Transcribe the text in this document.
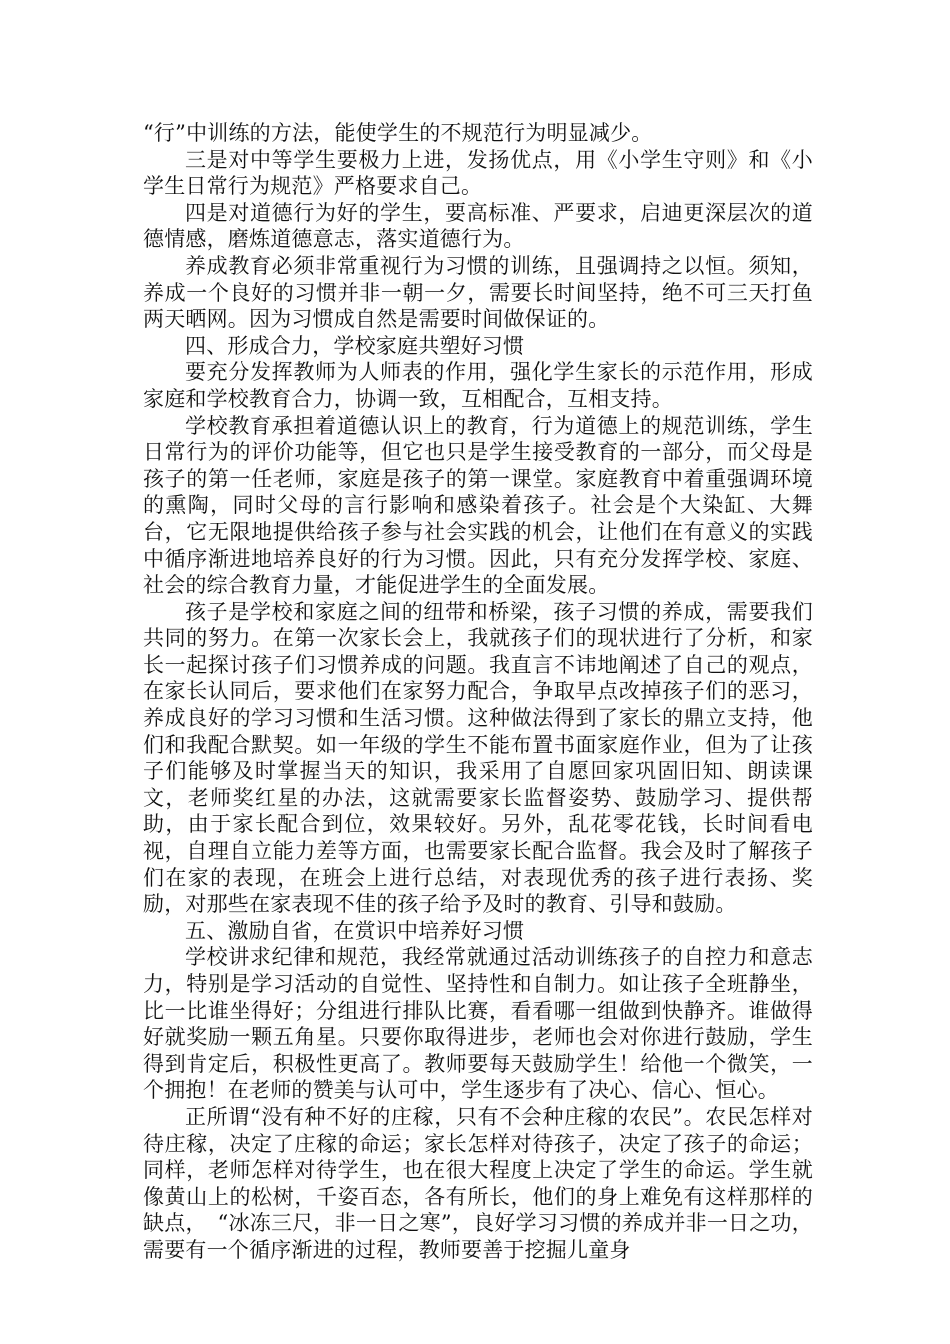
“行”中训练的方法，能使学生的不规范行为明显减少。

三是对中等学生要极力上进，发扬优点，用《小学生守则》和《小学生日常行为规范》严格要求自己。

四是对道德行为好的学生，要高标准、严要求，启迪更深层次的道德情感，磨炼道德意志，落实道德行为。

养成教育必须非常重视行为习惯的训练，且强调持之以恒。须知，养成一个良好的习惯并非一朝一夕，需要长时间坚持，绝不可三天打鱼两天晒网。因为习惯成自然是需要时间做保证的。

四、形成合力，学校家庭共塑好习惯

要充分发挥教师为人师表的作用，强化学生家长的示范作用，形成家庭和学校教育合力，协调一致，互相配合，互相支持。

学校教育承担着道德认识上的教育，行为道德上的规范训练，学生日常行为的评价功能等，但它也只是学生接受教育的一部分，而父母是孩子的第一任老师，家庭是孩子的第一课堂。家庭教育中着重强调环境的熏陶，同时父母的言行影响和感染着孩子。社会是个大染缸、大舞台，它无限地提供给孩子参与社会实践的机会，让他们在有意义的实践中循序渐进地培养良好的行为习惯。因此，只有充分发挥学校、家庭、社会的综合教育力量，才能促进学生的全面发展。

孩子是学校和家庭之间的纽带和桥梁，孩子习惯的养成，需要我们共同的努力。在第一次家长会上，我就孩子们的现状进行了分析，和家长一起探讨孩子们习惯养成的问题。我直言不讳地阐述了自己的观点，在家长认同后，要求他们在家努力配合，争取早点改掉孩子们的恶习，养成良好的学习习惯和生活习惯。这种做法得到了家长的鼎立支持，他们和我配合默契。如一年级的学生不能布置书面家庭作业，但为了让孩子们能够及时掌握当天的知识，我采用了自愿回家巩固旧知、朗读课文，老师奖红星的办法，这就需要家长监督姿势、鼓励学习、提供帮助，由于家长配合到位，效果较好。另外，乱花零花钱，长时间看电视，自理自立能力差等方面，也需要家长配合监督。我会及时了解孩子们在家的表现，在班会上进行总结，对表现优秀的孩子进行表扬、奖励，对那些在家表现不佳的孩子给予及时的教育、引导和鼓励。

五、激励自省，在赏识中培养好习惯

学校讲求纪律和规范，我经常就通过活动训练孩子的自控力和意志力，特别是学习活动的自觉性、坚持性和自制力。如让孩子全班静坐，比一比谁坐得好；分组进行排队比赛，看看哪一组做到快静齐。谁做得好就奖励一颗五角星。只要你取得进步，老师也会对你进行鼓励，学生得到肯定后，积极性更高了。教师要每天鼓励学生！给他一个微笑，一个拥抱！在老师的赞美与认可中，学生逐步有了决心、信心、恒心。

正所谓“没有种不好的庄稼，只有不会种庄稼的农民”。农民怎样对待庄稼，决定了庄稼的命运；家长怎样对待孩子，决定了孩子的命运；同样，老师怎样对待学生，也在很大程度上决定了学生的命运。学生就像黄山上的松树，千姿百态，各有所长，他们的身上难免有这样那样的缺点，　“冰冻三尺，非一日之寒”，良好学习习惯的养成并非一日之功，需要有一个循序渐进的过程，教师要善于挖掘儿童身
